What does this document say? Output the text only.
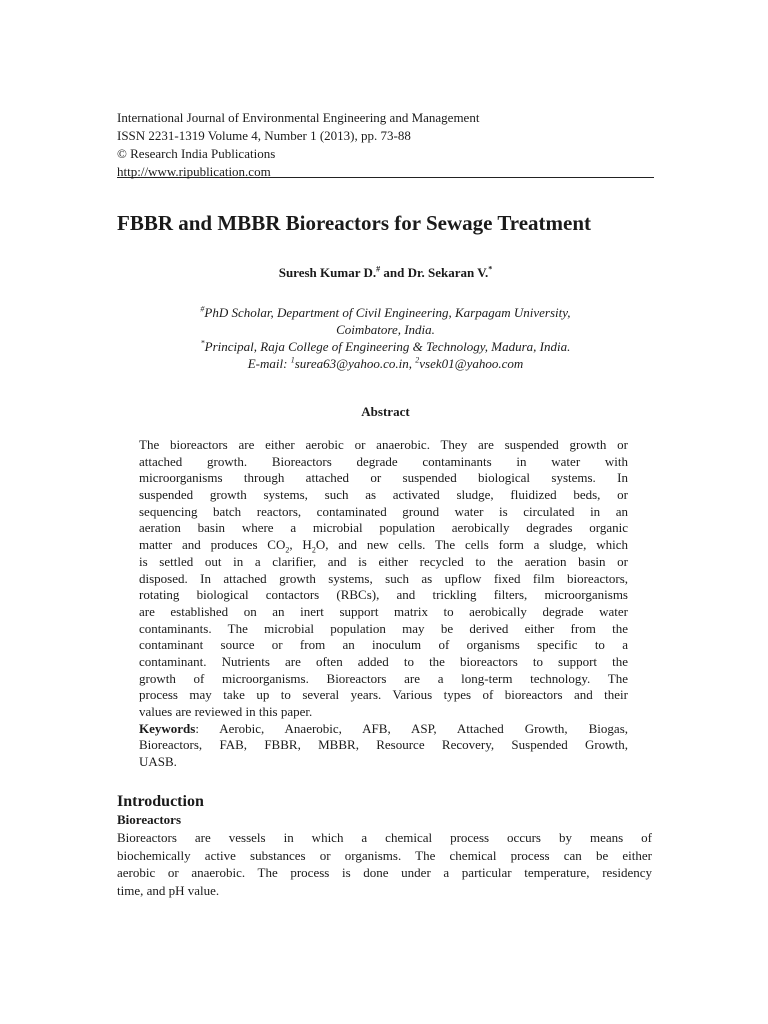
International Journal of Environmental Engineering and Management
ISSN 2231-1319 Volume 4, Number 1 (2013), pp. 73-88
© Research India Publications
http://www.ripublication.com
FBBR and MBBR Bioreactors for Sewage Treatment
Suresh Kumar D.# and Dr. Sekaran V.*
#PhD Scholar, Department of Civil Engineering, Karpagam University,
Coimbatore, India.
*Principal, Raja College of Engineering & Technology, Madura, India.
E-mail: $^1$surea63@yahoo.co.in, $^2$vsek01@yahoo.com
Abstract
The bioreactors are either aerobic or anaerobic. They are suspended growth or
attached growth. Bioreactors degrade contaminants in water with
microorganisms through attached or suspended biological systems. In
suspended growth systems, such as activated sludge, fluidized beds, or
sequencing batch reactors, contaminated ground water is circulated in an
aeration basin where a microbial population aerobically degrades organic
matter and produces $CO_2$, $H_2O$, and new cells. The cells form a sludge, which
is settled out in a clarifier, and is either recycled to the aeration basin or
disposed. In attached growth systems, such as upflow fixed film bioreactors,
rotating biological contactors (RBCs), and trickling filters, microorganisms
are established on an inert support matrix to aerobically degrade water
contaminants. The microbial population may be derived either from the
contaminant source or from an inoculum of organisms specific to a
contaminant. Nutrients are often added to the bioreactors to support the
growth of microorganisms. Bioreactors are a long-term technology. The
process may take up to several years. Various types of bioreactors and their
values are reviewed in this paper.
Keywords: Aerobic, Anaerobic, AFB, ASP, Attached Growth, Biogas,
Bioreactors, FAB, FBBR, MBBR, Resource Recovery, Suspended Growth,
UASB.
Introduction
Bioreactors
Bioreactors are vessels in which a chemical process occurs by means of
biochemically active substances or organisms. The chemical process can be either
aerobic or anaerobic. The process is done under a particular temperature, residency
time, and pH value.
